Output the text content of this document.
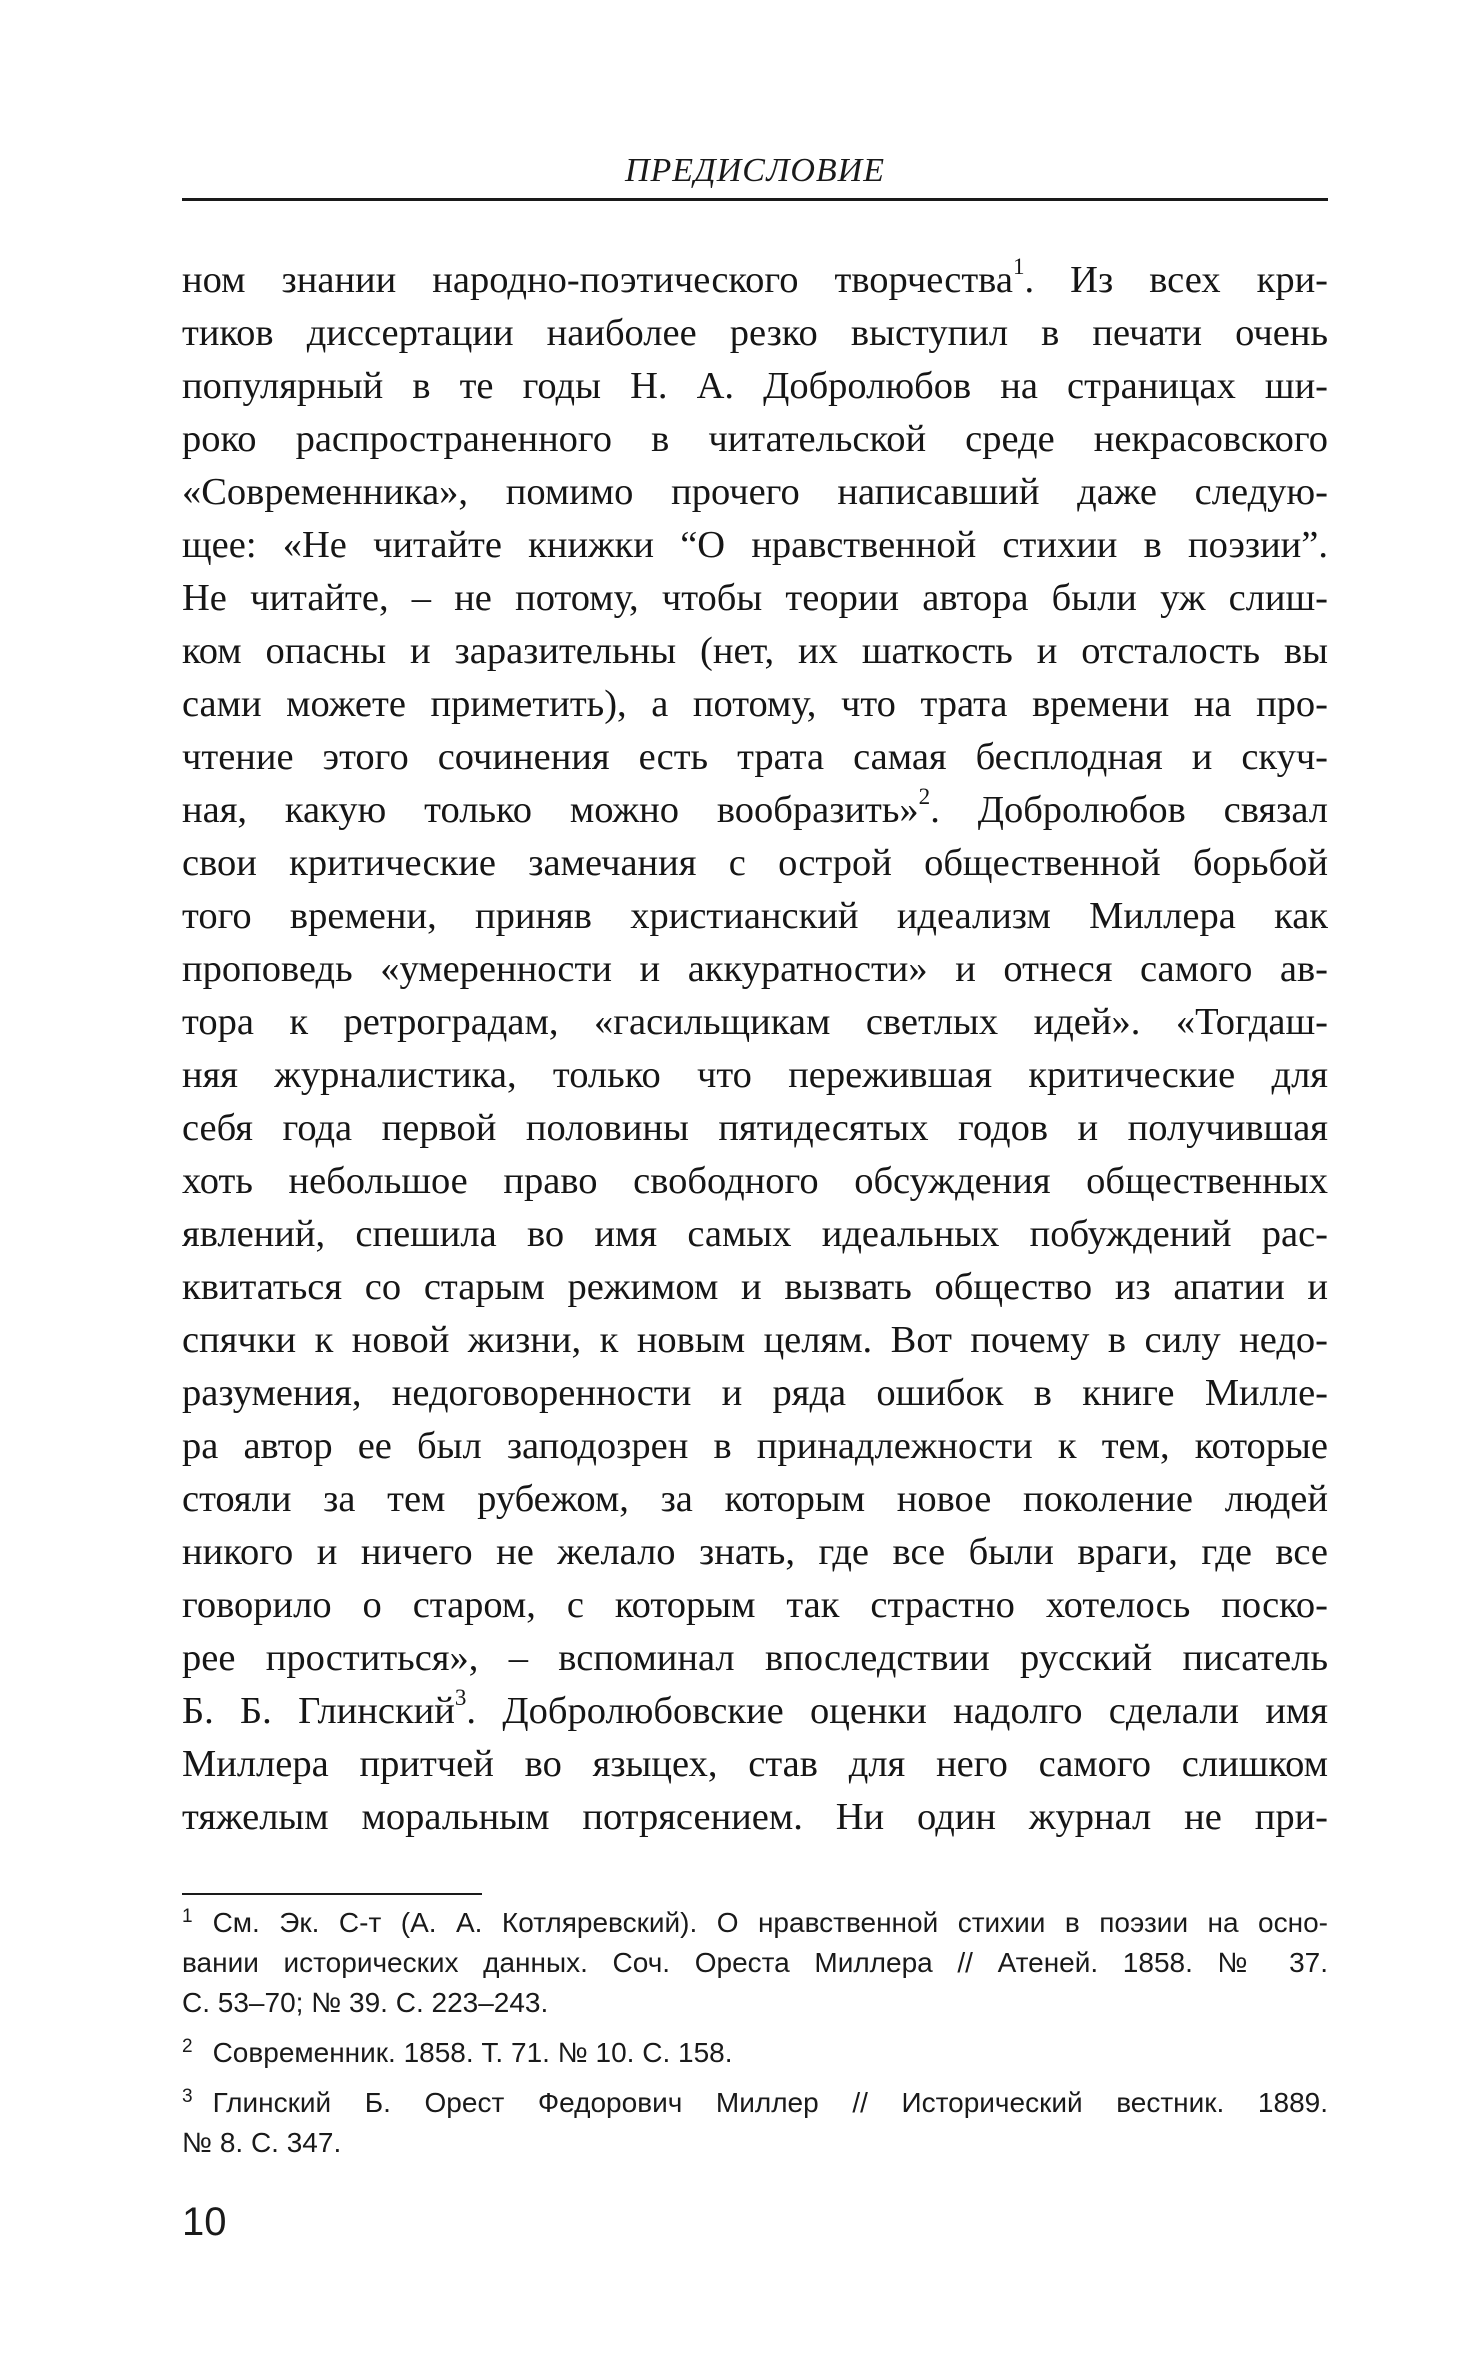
ПРЕДИСЛОВИЕ
ном знании народно-поэтического творчества$^1$. Из всех кри-
тиков диссертации наиболее резко выступил в печати очень
популярный в те годы Н. А. Добролюбов на страницах ши-
роко распространенного в читательской среде некрасовского
«Современника», помимо прочего написавший даже следую-
щее: «Не читайте книжки “О нравственной стихии в поэзии”.
Не читайте, – не потому, чтобы теории автора были уж слиш-
ком опасны и заразительны (нет, их шаткость и отсталость вы
сами можете приметить), а потому, что трата времени на про-
чтение этого сочинения есть трата самая бесплодная и скуч-
ная, какую только можно вообразить»$^2$. Добролюбов связал
свои критические замечания с острой общественной борьбой
того времени, приняв христианский идеализм Миллера как
проповедь «умеренности и аккуратности» и отнеся самого ав-
тора к ретроградам, «гасильщикам светлых идей». «Тогдаш-
няя журналистика, только что пережившая критические для
себя года первой половины пятидесятых годов и получившая
хоть небольшое право свободного обсуждения общественных
явлений, спешила во имя самых идеальных побуждений рас-
квитаться со старым режимом и вызвать общество из апатии и
спячки к новой жизни, к новым целям. Вот почему в силу недо-
разумения, недоговоренности и ряда ошибок в книге Милле-
ра автор ее был заподозрен в принадлежности к тем, которые
стояли за тем рубежом, за которым новое поколение людей
никого и ничего не желало знать, где все были враги, где все
говорило о старом, с которым так страстно хотелось поско-
рее проститься», – вспоминал впоследствии русский писатель
Б. Б. Глинский$^3$. Добролюбовские оценки надолго сделали имя
Миллера притчей во языцех, став для него самого слишком
тяжелым моральным потрясением. Ни один журнал не при-
$^1$ См. Эк. С-т (А. А. Котляревский). О нравственной стихии в поэзии на осно-
вании исторических данных. Соч. Ореста Миллера // Атеней. 1858. № 37.
С. 53–70; № 39. С. 223–243.
$^2$ Современник. 1858. Т. 71. № 10. С. 158.
$^3$ Глинский Б. Орест Федорович Миллер // Исторический вестник. 1889.
№ 8. С. 347.
10
